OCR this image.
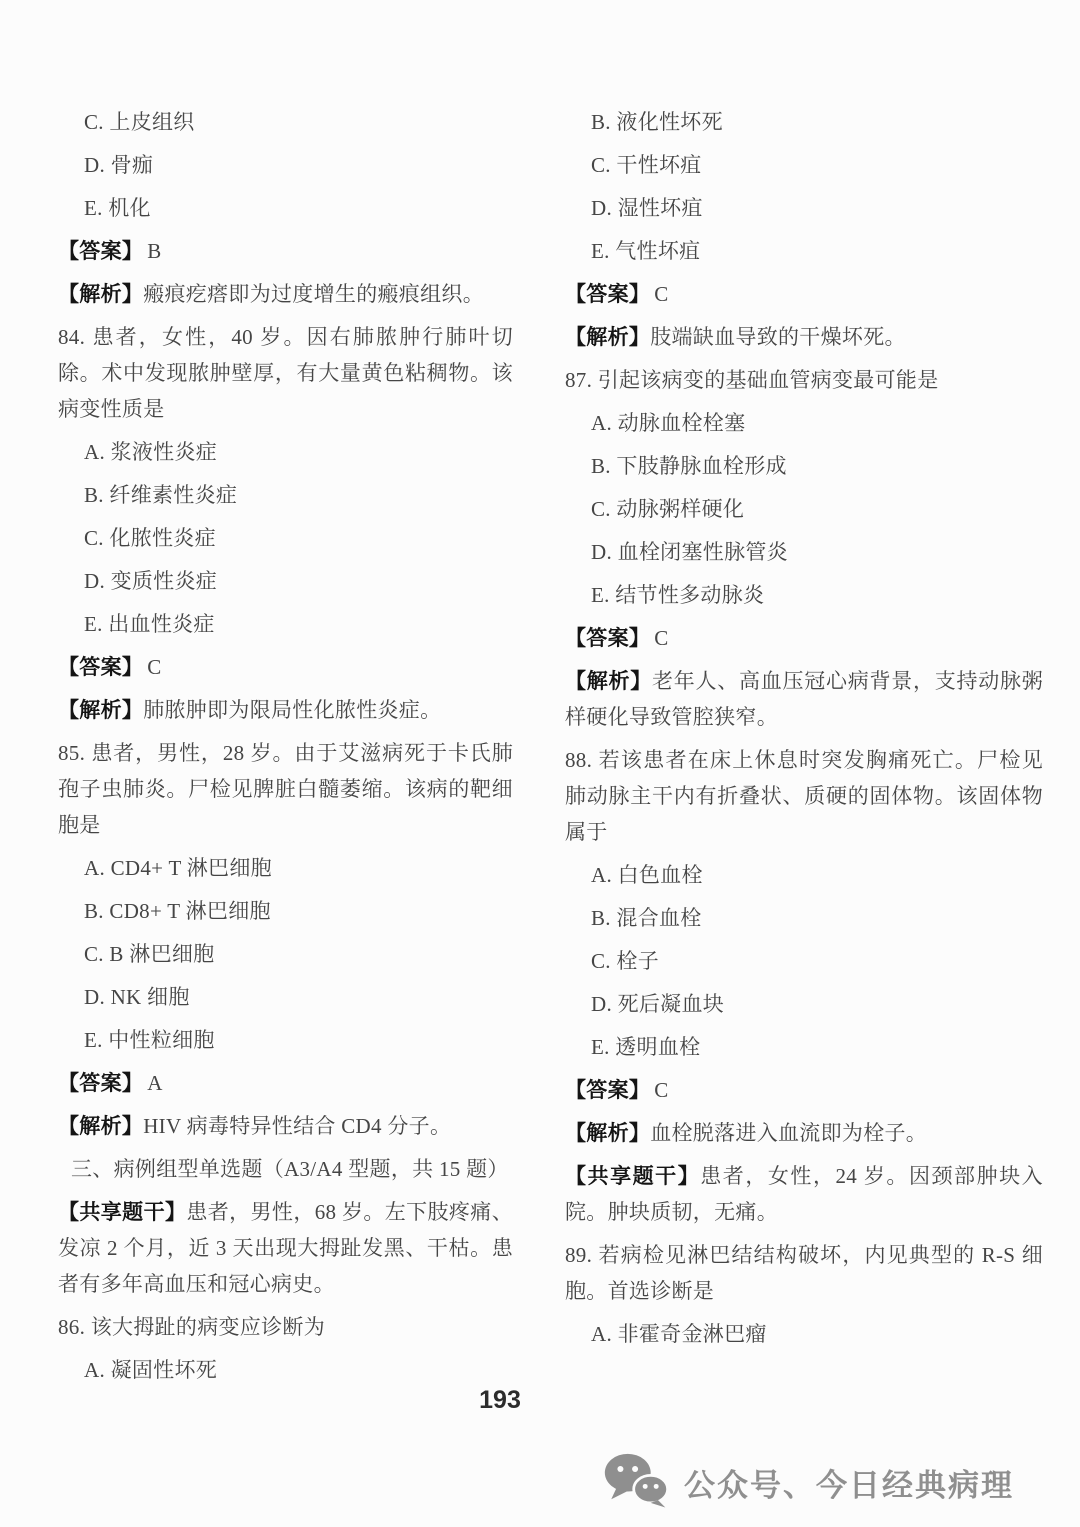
C. 上皮组织
D. 骨痂
E. 机化
【答案】 B
【解析】瘢痕疙瘩即为过度增生的瘢痕组织。
84. 患者，女性，40 岁。因右肺脓肿行肺叶切除。术中发现脓肿壁厚，有大量黄色粘稠物。该病变性质是
A. 浆液性炎症
B. 纤维素性炎症
C. 化脓性炎症
D. 变质性炎症
E. 出血性炎症
【答案】 C
【解析】肺脓肿即为限局性化脓性炎症。
85. 患者，男性，28 岁。由于艾滋病死于卡氏肺孢子虫肺炎。尸检见脾脏白髓萎缩。该病的靶细胞是
A. CD4+ T 淋巴细胞
B. CD8+ T 淋巴细胞
C. B 淋巴细胞
D. NK 细胞
E. 中性粒细胞
【答案】 A
【解析】HIV 病毒特异性结合 CD4 分子。
三、病例组型单选题（A3/A4 型题，共 15 题）
【共享题干】患者，男性，68 岁。左下肢疼痛、发凉 2 个月，近 3 天出现大拇趾发黑、干枯。患者有多年高血压和冠心病史。
86. 该大拇趾的病变应诊断为
A. 凝固性坏死
B. 液化性坏死
C. 干性坏疽
D. 湿性坏疽
E. 气性坏疽
【答案】 C
【解析】肢端缺血导致的干燥坏死。
87. 引起该病变的基础血管病变最可能是
A. 动脉血栓栓塞
B. 下肢静脉血栓形成
C. 动脉粥样硬化
D. 血栓闭塞性脉管炎
E. 结节性多动脉炎
【答案】 C
【解析】老年人、高血压冠心病背景，支持动脉粥样硬化导致管腔狭窄。
88. 若该患者在床上休息时突发胸痛死亡。尸检见肺动脉主干内有折叠状、质硬的固体物。该固体物属于
A. 白色血栓
B. 混合血栓
C. 栓子
D. 死后凝血块
E. 透明血栓
【答案】 C
【解析】血栓脱落进入血流即为栓子。
【共享题干】患者，女性，24 岁。因颈部肿块入院。肿块质韧，无痛。
89. 若病检见淋巴结结构破坏，内见典型的 R-S 细胞。首选诊断是
A. 非霍奇金淋巴瘤
193
公众号、今日经典病理
